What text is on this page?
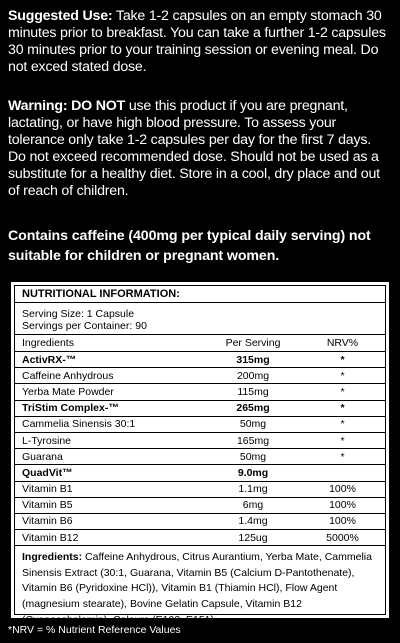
Suggested Use: Take 1-2 capsules on an empty stomach 30 minutes prior to breakfast. You can take a further 1-2 capsules 30 minutes prior to your training session or evening meal. Do not exced stated dose.
Warning: DO NOT use this product if you are pregnant, lactating, or have high blood pressure. To assess your tolerance only take 1-2 capsules per day for the first 7 days.
Do not exceed recommended dose. Should not be used as a substitute for a healthy diet. Store in a cool, dry place and out of reach of children.
Contains caffeine (400mg per typical daily serving) not suitable for children or pregnant women.
NUTRITIONAL INFORMATION:
Serving Size: 1 Capsule
Servings per Container: 90
Ingredients	Per Serving	NRV%
ActivRX-™	315mg	*
Caffeine Anhydrous	200mg	*
Yerba Mate Powder	115mg	*
TriStim Complex-™	265mg	*
Cammelia Sinensis 30:1	50mg	*
L-Tyrosine	165mg	*
Guarana	50mg	*
QuadVit™	9.0mg	
Vitamin B1	1.1mg	100%
Vitamin B5	6mg	100%
Vitamin B6	1.4mg	100%
Vitamin B12	125ug	5000%
Ingredients: Caffeine Anhydrous, Citrus Aurantium, Yerba Mate, Cammelia Sinensis Extract (30:1, Guarana, Vitamin B5 (Calcium D-Pantothenate), Vitamin B6 (Pyridoxine HCl)), Vitamin B1 (Thiamin HCl), Flow Agent (magnesium stearate), Bovine Gelatin Capsule, Vitamin B12 (Cyanocobalamin), Colours (E102, E151)
*NRV = % Nutrient Reference Values
